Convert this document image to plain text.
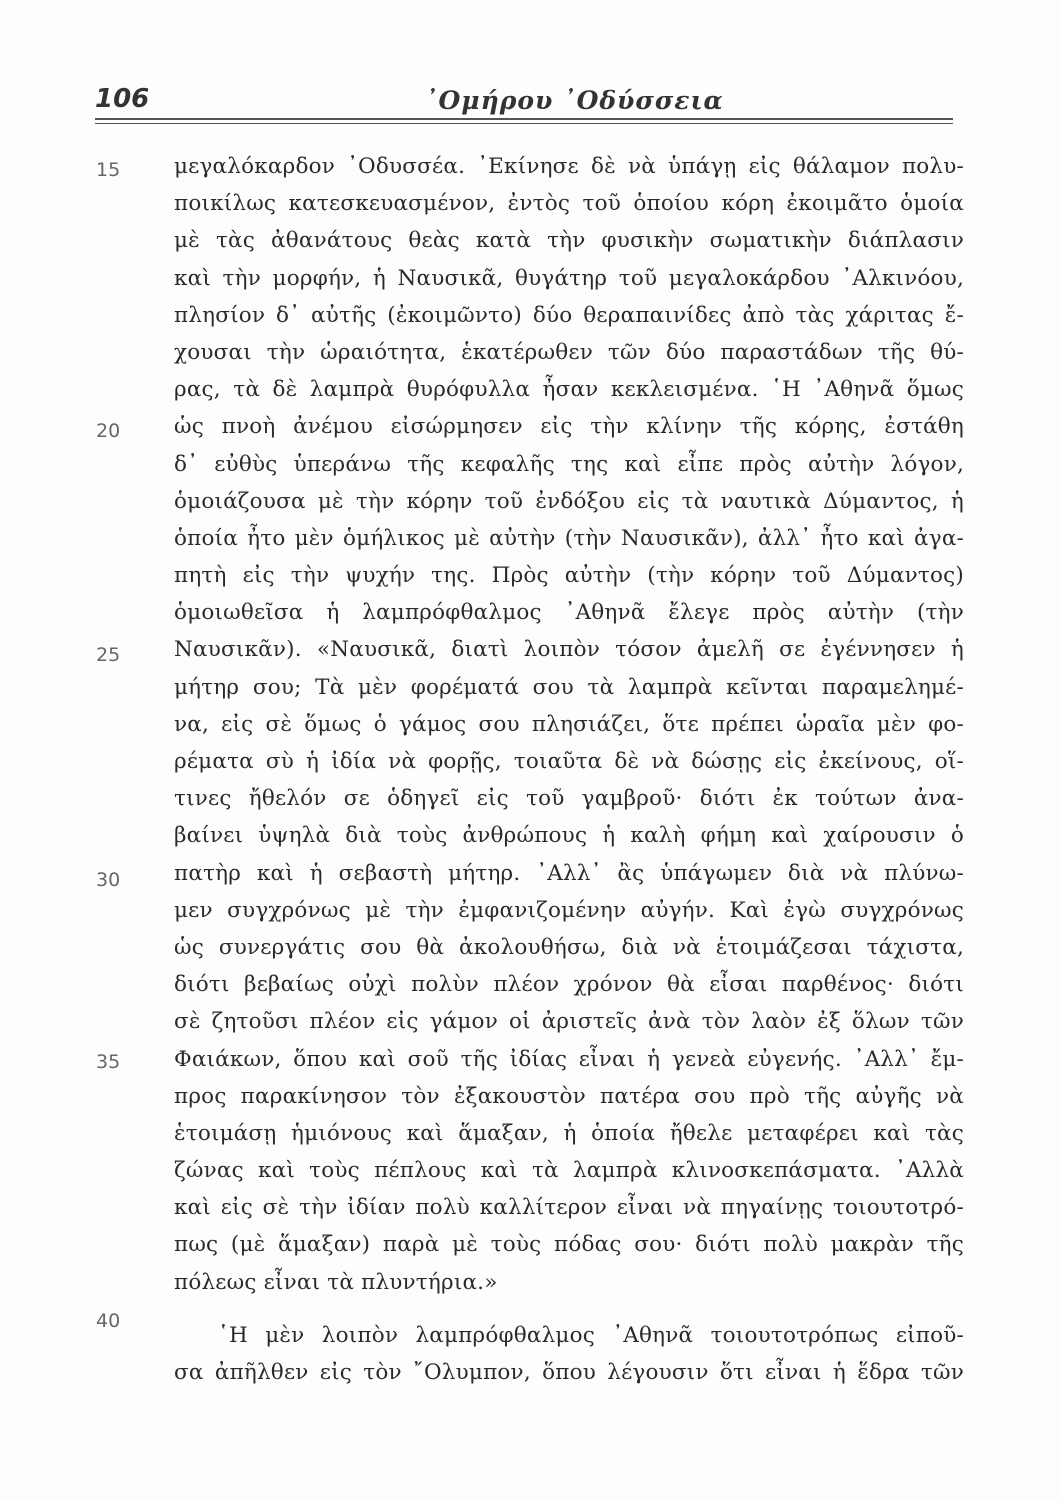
106	᾿Ομήρου ᾿Οδύσσεια
15
20
25
30
35
40
μεγαλόκαρδον ᾿Οδυσσέα. ᾿Εκίνησε δὲ νὰ ὑπάγῃ εἰς θάλαμον πολυ-
ποικίλως κατεσκευασμένον, ἐντὸς τοῦ ὁποίου κόρη ἐκοιμᾶτο ὁμοία
μὲ τὰς ἀθανάτους θεὰς κατὰ τὴν φυσικὴν σωματικὴν διάπλασιν
καὶ τὴν μορφήν, ἡ Ναυσικᾶ, θυγάτηρ τοῦ μεγαλοκάρδου ᾿Αλκινόου,
πλησίον δ᾿ αὐτῆς (ἐκοιμῶντο) δύο θεραπαινίδες ἀπὸ τὰς χάριτας ἔ-
χουσαι τὴν ὡραιότητα, ἑκατέρωθεν τῶν δύο παραστάδων τῆς θύ-
ρας, τὰ δὲ λαμπρὰ θυρόφυλλα ἦσαν κεκλεισμένα. ῾Η ᾿Αθηνᾶ ὅμως
ὡς πνοὴ ἀνέμου εἰσώρμησεν εἰς τὴν κλίνην τῆς κόρης, ἐστάθη
δ᾿ εὐθὺς ὑπεράνω τῆς κεφαλῆς της καὶ εἶπε πρὸς αὐτὴν λόγον,
ὁμοιάζουσα μὲ τὴν κόρην τοῦ ἐνδόξου εἰς τὰ ναυτικὰ Δύμαντος, ἡ
ὁποία ἦτο μὲν ὁμήλικος μὲ αὐτὴν (τὴν Ναυσικᾶν), ἀλλ᾿ ἦτο καὶ ἀγα-
πητὴ εἰς τὴν ψυχήν της. Πρὸς αὐτὴν (τὴν κόρην τοῦ Δύμαντος)
ὁμοιωθεῖσα ἡ λαμπρόφθαλμος ᾿Αθηνᾶ ἔλεγε πρὸς αὐτὴν (τὴν
Ναυσικᾶν). «Ναυσικᾶ, διατὶ λοιπὸν τόσον ἀμελῆ σε ἐγέννησεν ἡ
μήτηρ σου; Τὰ μὲν φορέματά σου τὰ λαμπρὰ κεῖνται παραμελημέ-
να, εἰς σὲ ὅμως ὁ γάμος σου πλησιάζει, ὅτε πρέπει ὡραῖα μὲν φο-
ρέματα σὺ ἡ ἰδία νὰ φορῇς, τοιαῦτα δὲ νὰ δώσῃς εἰς ἐκείνους, οἵ-
τινες ἤθελόν σε ὁδηγεῖ εἰς τοῦ γαμβροῦ· διότι ἐκ τούτων ἀνα-
βαίνει ὑψηλὰ διὰ τοὺς ἀνθρώπους ἡ καλὴ φήμη καὶ χαίρουσιν ὁ
πατὴρ καὶ ἡ σεβαστὴ μήτηρ. ᾿Αλλ᾿ ἂς ὑπάγωμεν διὰ νὰ πλύνω-
μεν συγχρόνως μὲ τὴν ἐμφανιζομένην αὐγήν. Καὶ ἐγὼ συγχρόνως
ὡς συνεργάτις σου θὰ ἀκολουθήσω, διὰ νὰ ἑτοιμάζεσαι τάχιστα,
διότι βεβαίως οὐχὶ πολὺν πλέον χρόνον θὰ εἶσαι παρθένος· διότι
σὲ ζητοῦσι πλέον εἰς γάμον οἱ ἀριστεῖς ἀνὰ τὸν λαὸν ἐξ ὅλων τῶν
Φαιάκων, ὅπου καὶ σοῦ τῆς ἰδίας εἶναι ἡ γενεὰ εὐγενής. ᾿Αλλ᾿ ἔμ-
προς παρακίνησον τὸν ἐξακουστὸν πατέρα σου πρὸ τῆς αὐγῆς νὰ
ἑτοιμάσῃ ἡμιόνους καὶ ἅμαξαν, ἡ ὁποία ἤθελε μεταφέρει καὶ τὰς
ζώνας καὶ τοὺς πέπλους καὶ τὰ λαμπρὰ κλινοσκεπάσματα. ᾿Αλλὰ
καὶ εἰς σὲ τὴν ἰδίαν πολὺ καλλίτερον εἶναι νὰ πηγαίνῃς τοιουτοτρό-
πως (μὲ ἅμαξαν) παρὰ μὲ τοὺς πόδας σου· διότι πολὺ μακρὰν τῆς
πόλεως εἶναι τὰ πλυντήρια.»
῾Η μὲν λοιπὸν λαμπρόφθαλμος ᾿Αθηνᾶ τοιουτοτρόπως εἰποῦ-
σα ἀπῆλθεν εἰς τὸν ῎Ολυμπον, ὅπου λέγουσιν ὅτι εἶναι ἡ ἕδρα τῶν
